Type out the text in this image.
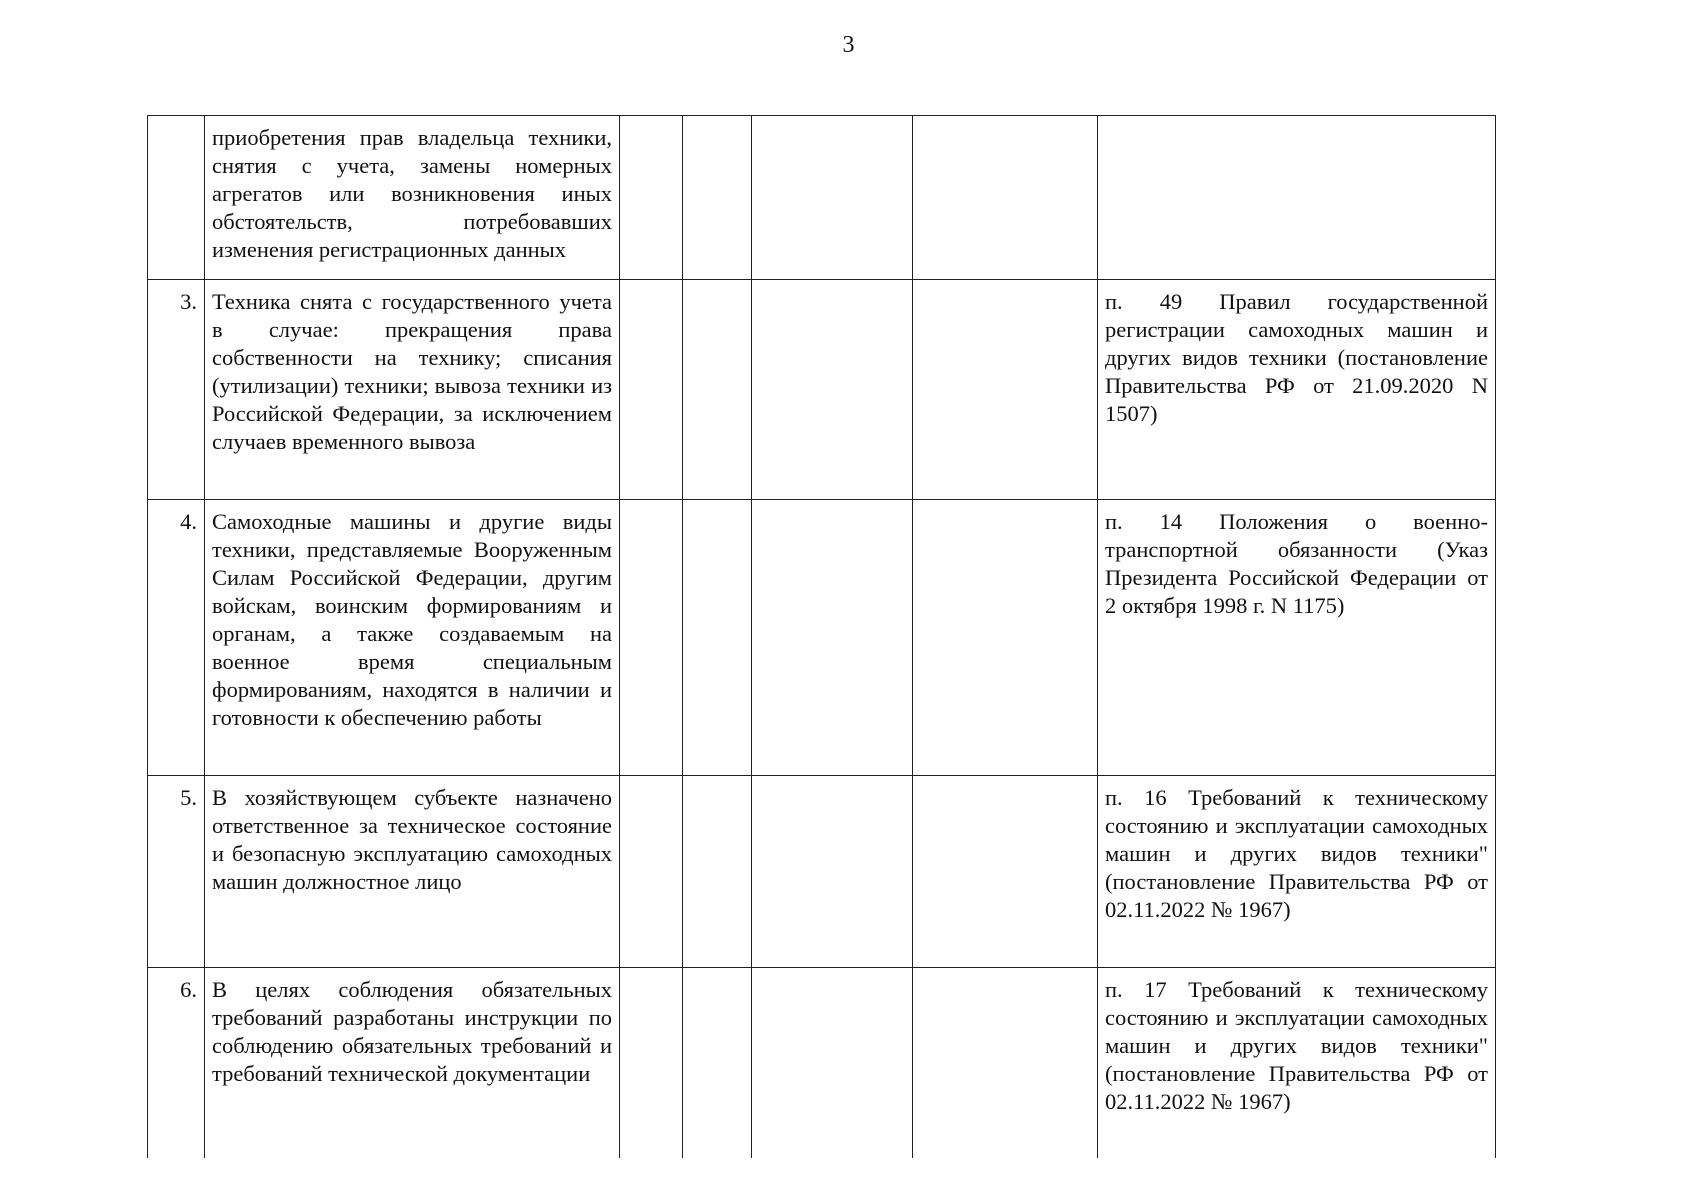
3
	приобретения прав владельца техники, снятия с учета, замены номерных агрегатов или возникновения иных обстоятельств, потребовавших изменения регистрационных данных					
3.	Техника снята с государственного учета в случае: прекращения права собственности на технику; списания (утилизации) техники; вывоза техники из Российской Федерации, за исключением случаев временного вывоза					п. 49 Правил государственной регистрации самоходных машин и других видов техники (постановление Правительства РФ от 21.09.2020 N 1507)
4.	Самоходные машины и другие виды техники, представляемые Вооруженным Силам Российской Федерации, другим войскам, воинским формированиям и органам, а также создаваемым на военное время специальным формированиям, находятся в наличии и готовности к обеспечению работы					п. 14 Положения о военно-транспортной обязанности (Указ Президента Российской Федерации от 2 октября 1998 г. N 1175)
5.	В хозяйствующем субъекте назначено ответственное за техническое состояние и безопасную эксплуатацию самоходных машин должностное лицо					п. 16 Требований к техническому состоянию и эксплуатации самоходных машин и других видов техники" (постановление Правительства РФ от 02.11.2022 № 1967)
6.	В целях соблюдения обязательных требований разработаны инструкции по соблюдению обязательных требований и требований технической документации					п. 17 Требований к техническому состоянию и эксплуатации самоходных машин и других видов техники" (постановление Правительства РФ от 02.11.2022 № 1967)
